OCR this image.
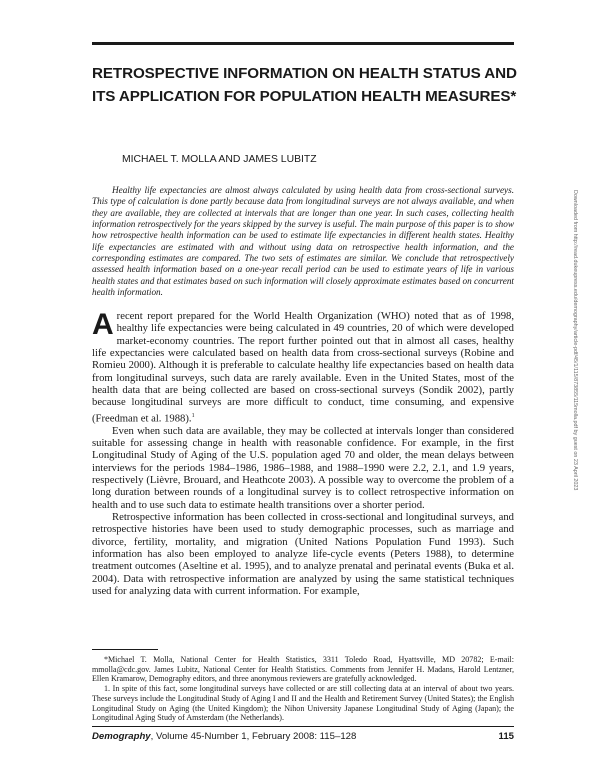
RETROSPECTIVE INFORMATION ON HEALTH STATUS AND ITS APPLICATION FOR POPULATION HEALTH MEASURES*

MICHAEL T. MOLLA AND JAMES LUBITZ

Healthy life expectancies are almost always calculated by using health data from cross-sectional surveys. This type of calculation is done partly because data from longitudinal surveys are not always available, and when they are available, they are collected at intervals that are longer than one year. In such cases, collecting health information retrospectively for the years skipped by the survey is useful. The main purpose of this paper is to show how retrospective health information can be used to estimate life expectancies in different health states. Healthy life expectancies are estimated with and without using data on retrospective health information, and the corresponding estimates are compared. The two sets of estimates are similar. We conclude that retrospectively assessed health information based on a one-year recall period can be used to estimate years of life in various health states and that estimates based on such information will closely approximate estimates based on concurrent health information.

A recent report prepared for the World Health Organization (WHO) noted that as of 1998, healthy life expectancies were being calculated in 49 countries, 20 of which were developed market-economy countries. The report further pointed out that in almost all cases, healthy life expectancies were calculated based on health data from cross-sectional surveys (Robine and Romieu 2000). Although it is preferable to calculate healthy life expectancies based on health data from longitudinal surveys, such data are rarely available. Even in the United States, most of the health data that are being collected are based on cross-sectional surveys (Sondik 2002), partly because longitudinal surveys are more difficult to conduct, time consuming, and expensive (Freedman et al. 1988).$^1$

Even when such data are available, they may be collected at intervals longer than considered suitable for assessing change in health with reasonable confidence. For example, in the first Longitudinal Study of Aging of the U.S. population aged 70 and older, the mean delays between interviews for the periods 1984–1986, 1986–1988, and 1988–1990 were 2.2, 2.1, and 1.9 years, respectively (Lièvre, Brouard, and Heathcote 2003). A possible way to overcome the problem of a long duration between rounds of a longitudinal survey is to collect retrospective information on health and to use such data to estimate health transitions over a shorter period.

Retrospective information has been collected in cross-sectional and longitudinal surveys, and retrospective histories have been used to study demographic processes, such as marriage and divorce, fertility, mortality, and migration (United Nations Population Fund 1993). Such information has also been employed to analyze life-cycle events (Peters 1988), to determine treatment outcomes (Aseltine et al. 1995), and to analyze prenatal and perinatal events (Buka et al. 2004). Data with retrospective information are analyzed by using the same statistical techniques used for analyzing data with current information. For example,

*Michael T. Molla, National Center for Health Statistics, 3311 Toledo Road, Hyattsville, MD 20782; E-mail: mmolla@cdc.gov. James Lubitz, National Center for Health Statistics. Comments from Jennifer H. Madans, Harold Lentzner, Ellen Kramarow, Demography editors, and three anonymous reviewers are gratefully acknowledged.

1. In spite of this fact, some longitudinal surveys have collected or are still collecting data at an interval of about two years. These surveys include the Longitudinal Study of Aging I and II and the Health and Retirement Survey (United States); the English Longitudinal Study on Aging (the United Kingdom); the Nihon University Japanese Longitudinal Study of Aging (Japan); the Longitudinal Aging Study of Amsterdam (the Netherlands).

Demography, Volume 45-Number 1, February 2008: 115–128	115
Downloaded from http://read.dukeupress.edu/demography/article-pdf/45/1/115/873855/115molla.pdf by guest on 23 April 2023
